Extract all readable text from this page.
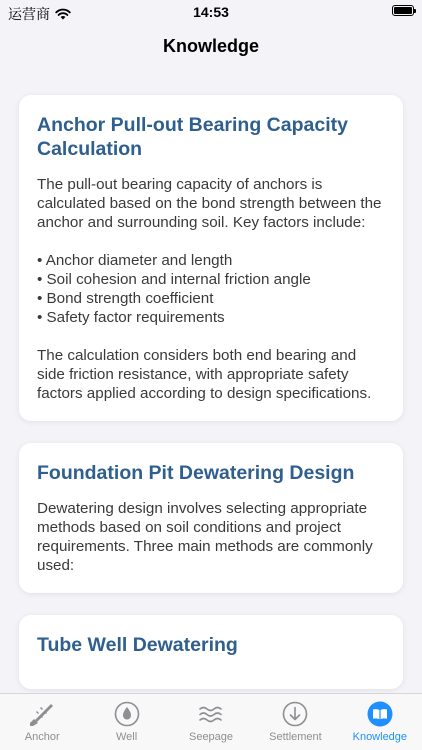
运营商	14:53
Knowledge
Anchor Pull-out Bearing Capacity Calculation

The pull-out bearing capacity of anchors is calculated based on the bond strength between the anchor and surrounding soil. Key factors include:

• Anchor diameter and length
• Soil cohesion and internal friction angle
• Bond strength coefficient
• Safety factor requirements

The calculation considers both end bearing and side friction resistance, with appropriate safety factors applied according to design specifications.

Foundation Pit Dewatering Design

Dewatering design involves selecting appropriate methods based on soil conditions and project requirements. Three main methods are commonly used:

Tube Well Dewatering
Anchor	Well	Seepage	Settlement	Knowledge
